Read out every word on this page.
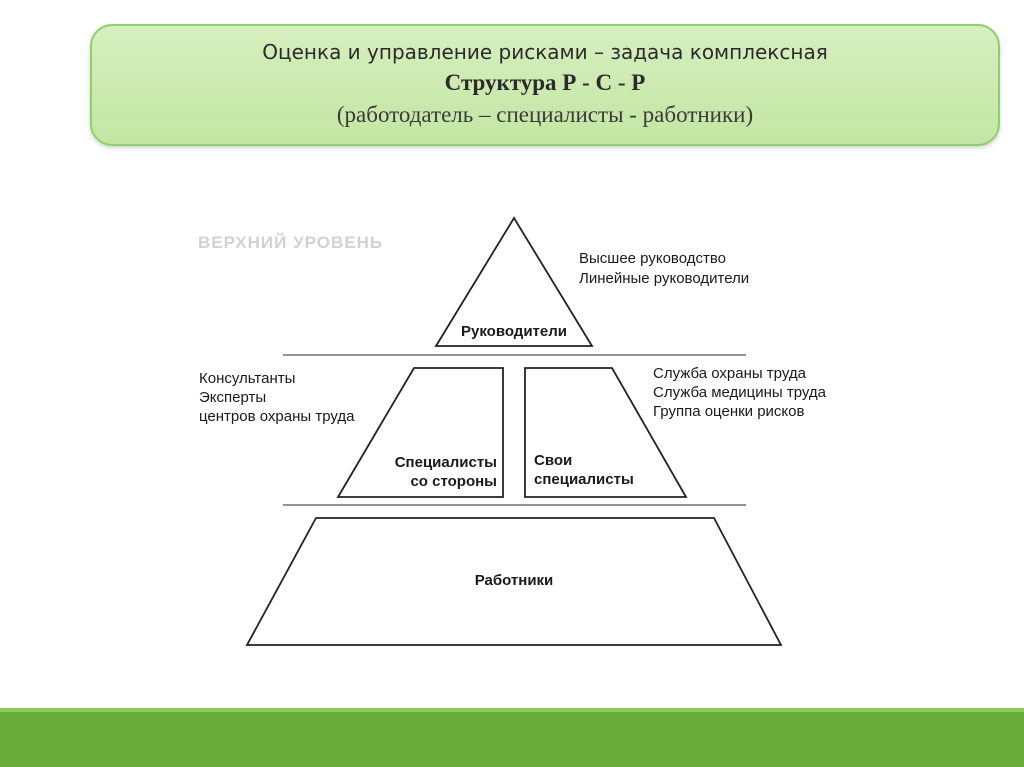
Оценка и управление рисками – задача комплексная
Структура Р - С - Р
(работодатель – специалисты - работники)
ВЕРХНИЙ УРОВЕНЬ
Руководители
Специалисты
со стороны
Свои
специалисты
Работники
Высшее руководство
Линейные руководители
Консультанты
Эксперты
центров охраны труда
Служба охраны труда
Служба медицины труда
Группа оценки рисков
